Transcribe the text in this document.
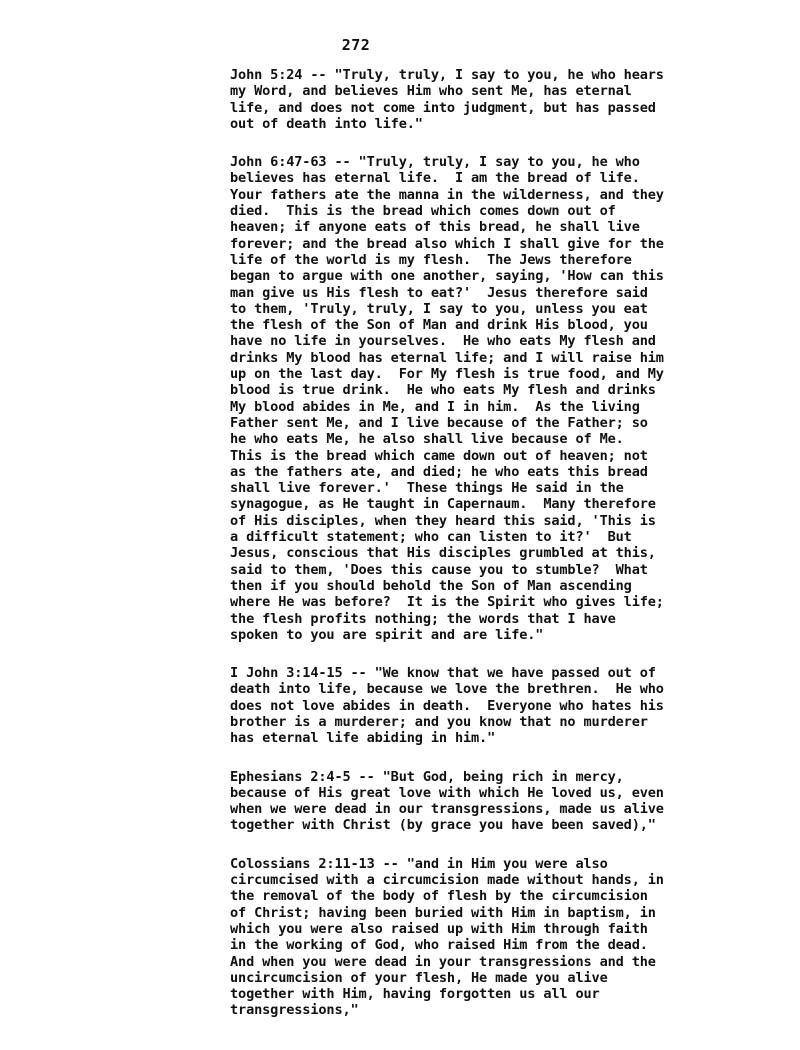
272
John 5:24 -- "Truly, truly, I say to you, he who hears
my Word, and believes Him who sent Me, has eternal
life, and does not come into judgment, but has passed
out of death into life."
John 6:47-63 -- "Truly, truly, I say to you, he who
believes has eternal life.  I am the bread of life.
Your fathers ate the manna in the wilderness, and they
died.  This is the bread which comes down out of
heaven; if anyone eats of this bread, he shall live
forever; and the bread also which I shall give for the
life of the world is my flesh.  The Jews therefore
began to argue with one another, saying, 'How can this
man give us His flesh to eat?'  Jesus therefore said
to them, 'Truly, truly, I say to you, unless you eat
the flesh of the Son of Man and drink His blood, you
have no life in yourselves.  He who eats My flesh and
drinks My blood has eternal life; and I will raise him
up on the last day.  For My flesh is true food, and My
blood is true drink.  He who eats My flesh and drinks
My blood abides in Me, and I in him.  As the living
Father sent Me, and I live because of the Father; so
he who eats Me, he also shall live because of Me.
This is the bread which came down out of heaven; not
as the fathers ate, and died; he who eats this bread
shall live forever.'  These things He said in the
synagogue, as He taught in Capernaum.  Many therefore
of His disciples, when they heard this said, 'This is
a difficult statement; who can listen to it?'  But
Jesus, conscious that His disciples grumbled at this,
said to them, 'Does this cause you to stumble?  What
then if you should behold the Son of Man ascending
where He was before?  It is the Spirit who gives life;
the flesh profits nothing; the words that I have
spoken to you are spirit and are life."
I John 3:14-15 -- "We know that we have passed out of
death into life, because we love the brethren.  He who
does not love abides in death.  Everyone who hates his
brother is a murderer; and you know that no murderer
has eternal life abiding in him."
Ephesians 2:4-5 -- "But God, being rich in mercy,
because of His great love with which He loved us, even
when we were dead in our transgressions, made us alive
together with Christ (by grace you have been saved),"
Colossians 2:11-13 -- "and in Him you were also
circumcised with a circumcision made without hands, in
the removal of the body of flesh by the circumcision
of Christ; having been buried with Him in baptism, in
which you were also raised up with Him through faith
in the working of God, who raised Him from the dead.
And when you were dead in your transgressions and the
uncircumcision of your flesh, He made you alive
together with Him, having forgotten us all our
transgressions,"
